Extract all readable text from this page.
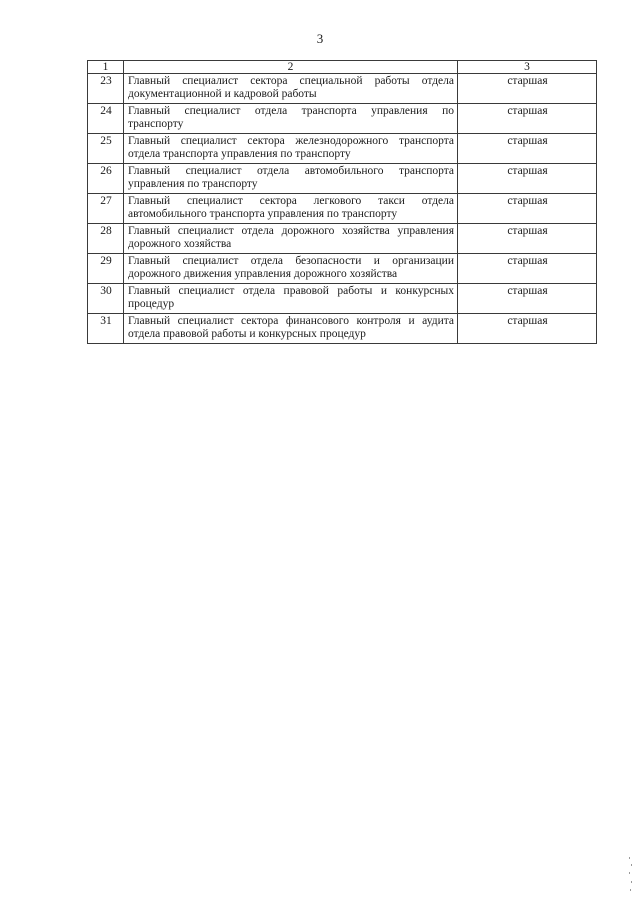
3
1	2	3
23	Главный специалист сектора специальной работы отдела документационной и кадровой работы	старшая
24	Главный специалист отдела транспорта управления по транспорту	старшая
25	Главный специалист сектора железнодорожного транспорта отдела транспорта управления по транспорту	старшая
26	Главный специалист отдела автомобильного транспорта управления по транспорту	старшая
27	Главный специалист сектора легкового такси отдела автомобильного транспорта управления по транспорту	старшая
28	Главный специалист отдела дорожного хозяйства управления дорожного хозяйства	старшая
29	Главный специалист отдела безопасности и организации дорожного движения управления дорожного хозяйства	старшая
30	Главный специалист отдела правовой работы и конкурсных процедур	старшая
31	Главный специалист сектора финансового контроля и аудита отдела правовой работы и конкурсных процедур	старшая
